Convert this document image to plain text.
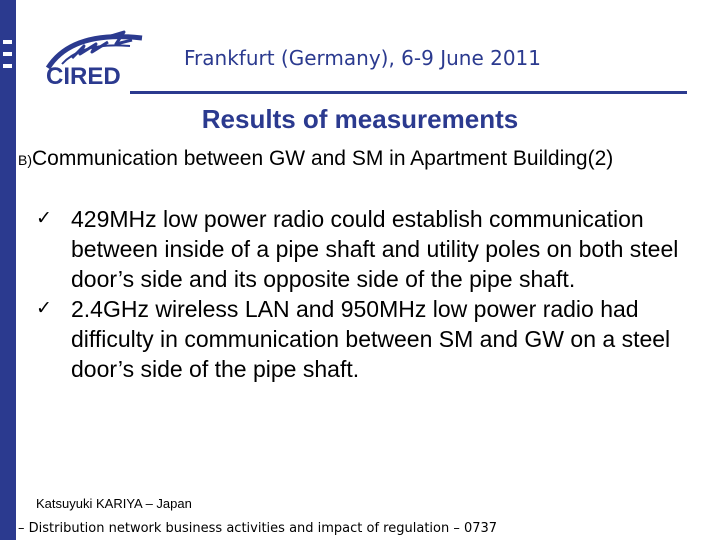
CIRED
Frankfurt (Germany), 6-9 June 2011
Results of measurements
B)Communication between GW and SM in Apartment Building(2)
✓ 429MHz low power radio could establish communication between inside of a pipe shaft and utility poles on both steel door’s side and its opposite side of the pipe shaft.
✓ 2.4GHz wireless LAN and 950MHz low power radio had difficulty in communication between SM and GW on a steel door’s side of the pipe shaft.
Katsuyuki KARIYA – Japan
– Distribution network business activities and impact of regulation – 0737
